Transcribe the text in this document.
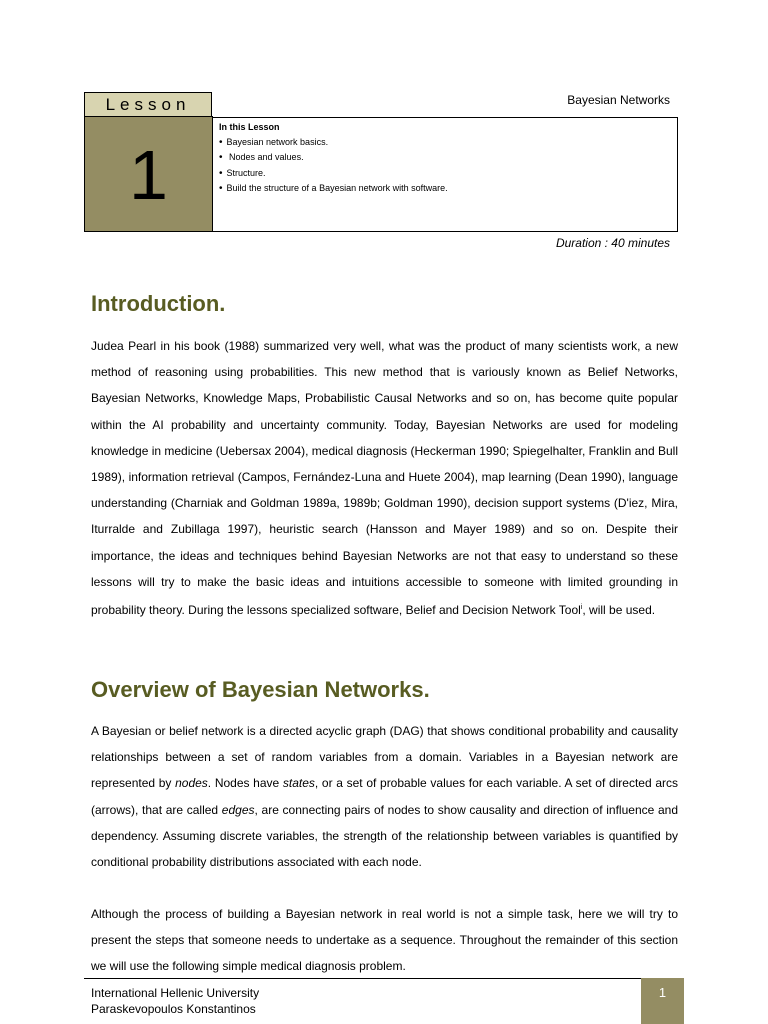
Lesson
1
Bayesian Networks
In this Lesson
• Bayesian network basics.
• Nodes and values.
• Structure.
• Build the structure of a Bayesian network with software.
Duration : 40 minutes
Introduction.

Judea Pearl in his book (1988) summarized very well, what was the product of many scientists work, a new method of reasoning using probabilities. This new method that is variously known as Belief Networks, Bayesian Networks, Knowledge Maps, Probabilistic Causal Networks and so on, has become quite popular within the AI probability and uncertainty community. Today, Bayesian Networks are used for modeling knowledge in medicine (Uebersax 2004), medical diagnosis (Heckerman 1990; Spiegelhalter, Franklin and Bull 1989), information retrieval (Campos, Fernández-Luna and Huete 2004), map learning (Dean 1990), language understanding (Charniak and Goldman 1989a, 1989b; Goldman 1990), decision support systems (D'iez, Mira, Iturralde and Zubillaga 1997), heuristic search (Hansson and Mayer 1989) and so on. Despite their importance, the ideas and techniques behind Bayesian Networks are not that easy to understand so these lessons will try to make the basic ideas and intuitions accessible to someone with limited grounding in probability theory. During the lessons specialized software, Belief and Decision Network Tool$^i$, will be used.

Overview of Bayesian Networks.

A Bayesian or belief network is a directed acyclic graph (DAG) that shows conditional probability and causality relationships between a set of random variables from a domain. Variables in a Bayesian network are represented by nodes. Nodes have states, or a set of probable values for each variable. A set of directed arcs (arrows), that are called edges, are connecting pairs of nodes to show causality and direction of influence and dependency. Assuming discrete variables, the strength of the relationship between variables is quantified by conditional probability distributions associated with each node.

Although the process of building a Bayesian network in real world is not a simple task, here we will try to present the steps that someone needs to undertake as a sequence. Throughout the remainder of this section we will use the following simple medical diagnosis problem.

International Hellenic University
Paraskevopoulos Konstantinos
1
